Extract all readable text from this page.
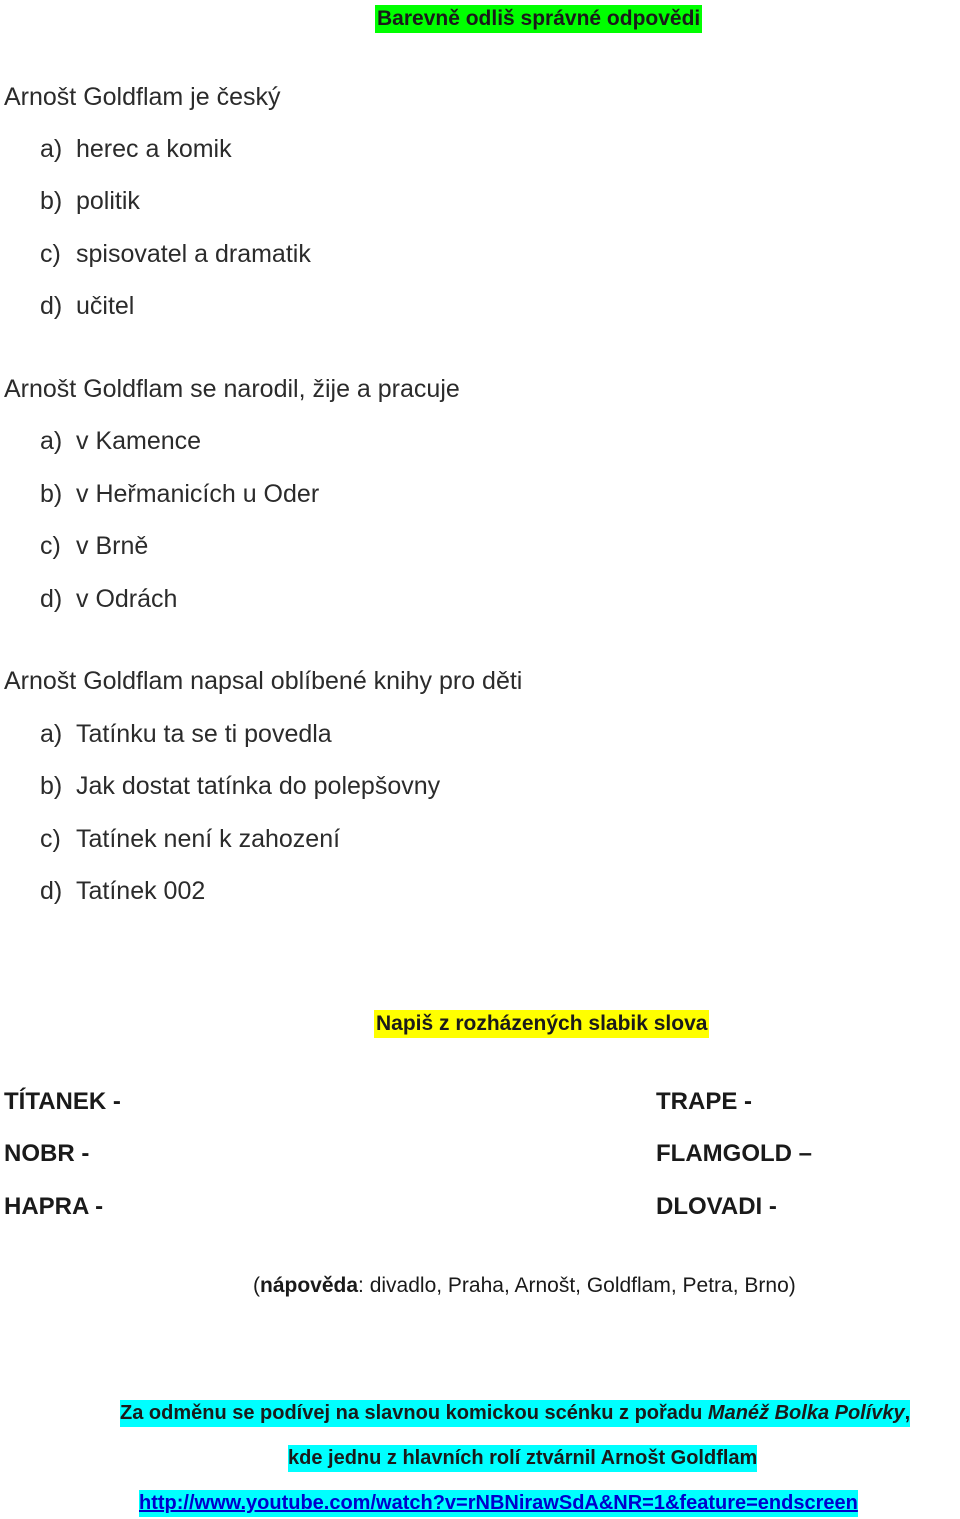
Barevně odliš správné odpovědi
Arnošt Goldflam je český
a) herec a komik
b) politik
c) spisovatel a dramatik
d) učitel
Arnošt Goldflam se narodil, žije a pracuje
a) v Kamence
b) v Heřmanicích u Oder
c) v Brně
d) v Odrách
Arnošt Goldflam napsal oblíbené knihy pro děti
a) Tatínku ta se ti povedla
b) Jak dostat tatínka do polepšovny
c) Tatínek není k zahození
d) Tatínek 002
Napiš z rozházených slabik slova
TÍTANEK -
NOBR -
HAPRA -
TRAPE -
FLAMGOLD –
DLOVADI -
(nápověda: divadlo, Praha, Arnošt, Goldflam, Petra, Brno)
Za odměnu se podívej na slavnou komickou scénku z pořadu Manéž Bolka Polívky,
kde jednu z hlavních rolí ztvárnil Arnošt Goldflam
http://www.youtube.com/watch?v=rNBNirawSdA&NR=1&feature=endscreen
